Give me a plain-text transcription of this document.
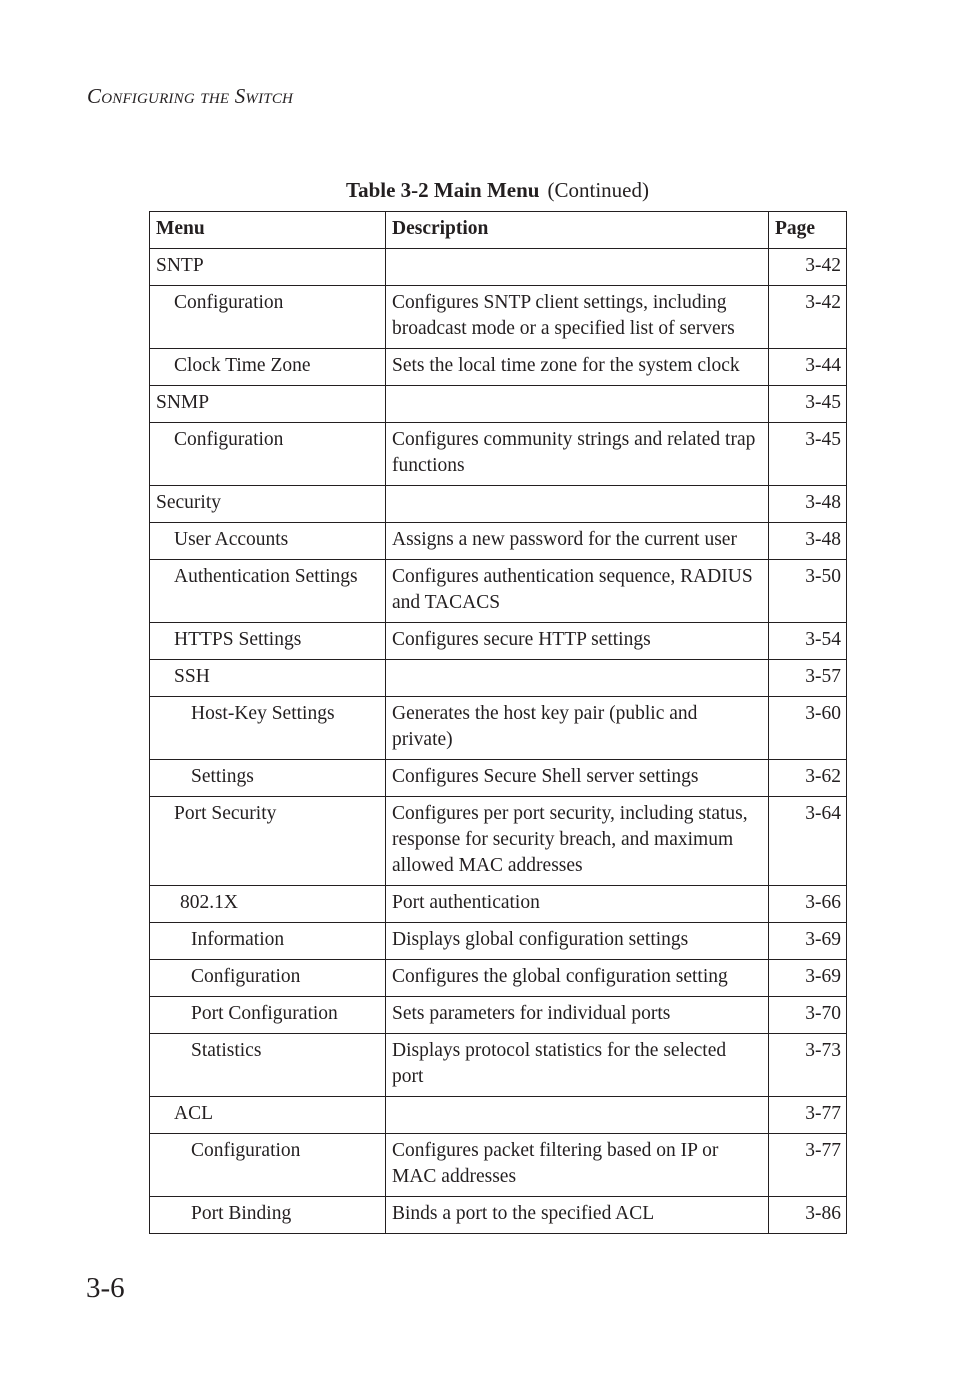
Configuring the Switch
Table 3-2 Main Menu (Continued)
Menu	Description	Page
SNTP		3-42
Configuration	Configures SNTP client settings, including broadcast mode or a specified list of servers	3-42
Clock Time Zone	Sets the local time zone for the system clock	3-44
SNMP		3-45
Configuration	Configures community strings and related trap functions	3-45
Security		3-48
User Accounts	Assigns a new password for the current user	3-48
Authentication Settings	Configures authentication sequence, RADIUS and TACACS	3-50
HTTPS Settings	Configures secure HTTP settings	3-54
SSH		3-57
Host-Key Settings	Generates the host key pair (public and private)	3-60
Settings	Configures Secure Shell server settings	3-62
Port Security	Configures per port security, including status, response for security breach, and maximum allowed MAC addresses	3-64
802.1X	Port authentication	3-66
Information	Displays global configuration settings	3-69
Configuration	Configures the global configuration setting	3-69
Port Configuration	Sets parameters for individual ports	3-70
Statistics	Displays protocol statistics for the selected port	3-73
ACL		3-77
Configuration	Configures packet filtering based on IP or MAC addresses	3-77
Port Binding	Binds a port to the specified ACL	3-86
3-6
